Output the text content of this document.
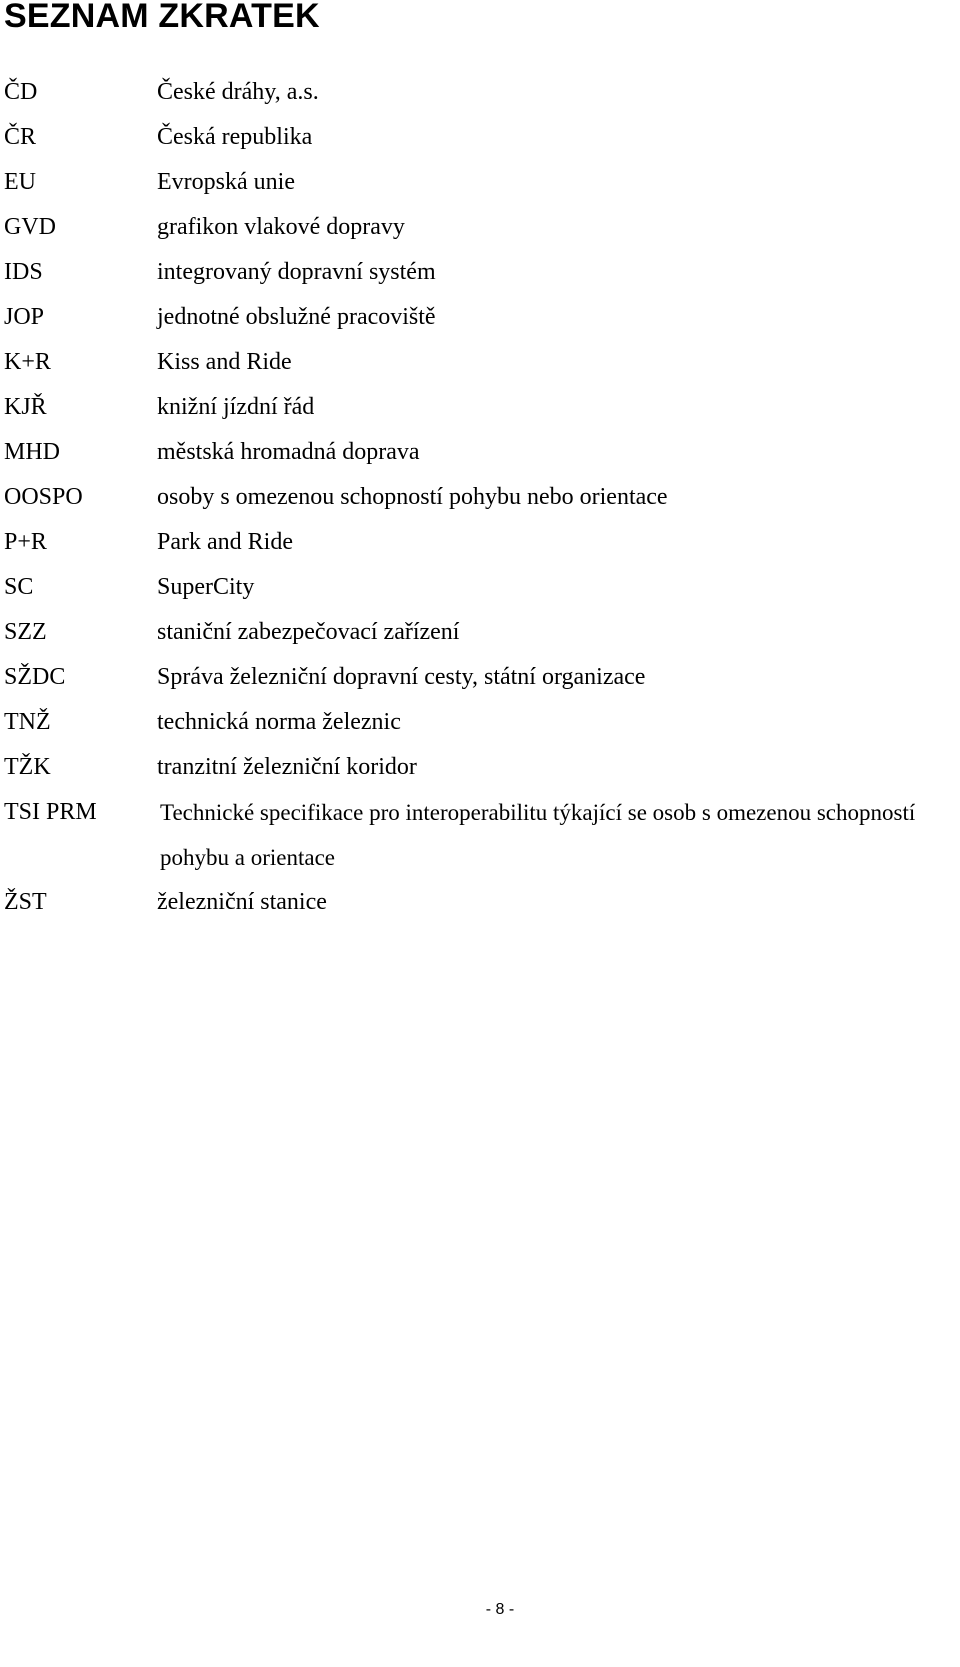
SEZNAM ZKRATEK
ČD	České dráhy, a.s.
ČR	Česká republika
EU	Evropská unie
GVD	grafikon vlakové dopravy
IDS	integrovaný dopravní systém
JOP	jednotné obslužné pracoviště
K+R	Kiss and Ride
KJŘ	knižní jízdní řád
MHD	městská hromadná doprava
OOSPO	osoby s omezenou schopností pohybu nebo orientace
P+R	Park and Ride
SC	SuperCity
SZZ	staniční zabezpečovací zařízení
SŽDC	Správa železniční dopravní cesty, státní organizace
TNŽ	technická norma železnic
TŽK	tranzitní železniční koridor
TSI PRM	Technické specifikace pro interoperabilitu týkající se osob s omezenou schopností pohybu a orientace
ŽST	železniční stanice
- 8 -
